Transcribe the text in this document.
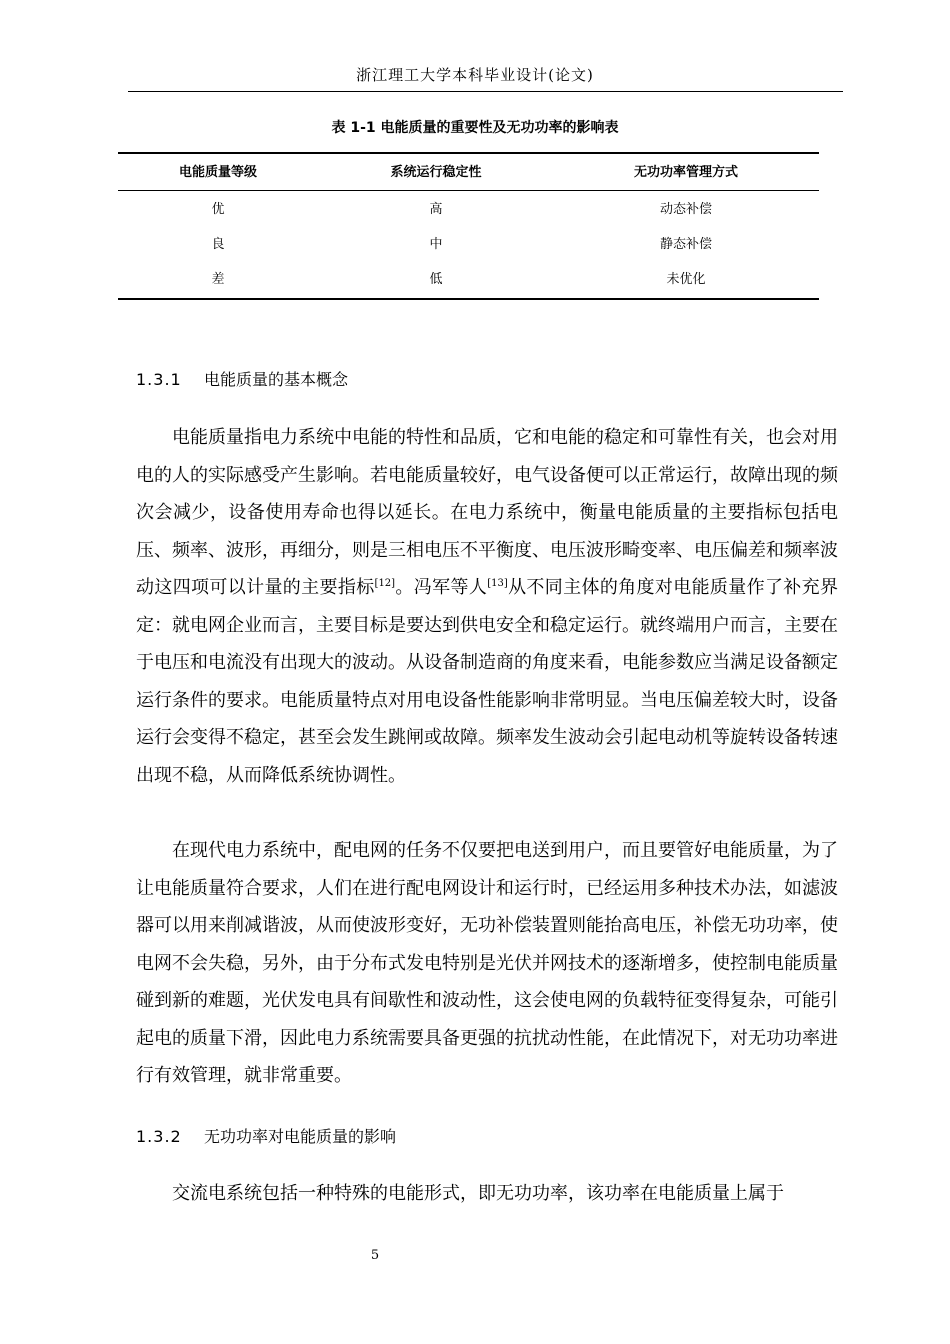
浙江理工大学本科毕业设计(论文)
表 1-1 电能质量的重要性及无功功率的影响表
电能质量等级	系统运行稳定性	无功功率管理方式
优	高	动态补偿
良	中	静态补偿
差	低	未优化
1.3.1 电能质量的基本概念

电能质量指电力系统中电能的特性和品质，它和电能的稳定和可靠性有关，也会对用电的人的实际感受产生影响。若电能质量较好，电气设备便可以正常运行，故障出现的频次会减少，设备使用寿命也得以延长。在电力系统中，衡量电能质量的主要指标包括电压、频率、波形，再细分，则是三相电压不平衡度、电压波形畸变率、电压偏差和频率波动这四项可以计量的主要指标[12]。冯军等人[13]从不同主体的角度对电能质量作了补充界定：就电网企业而言，主要目标是要达到供电安全和稳定运行。就终端用户而言，主要在于电压和电流没有出现大的波动。从设备制造商的角度来看，电能参数应当满足设备额定运行条件的要求。电能质量特点对用电设备性能影响非常明显。当电压偏差较大时，设备运行会变得不稳定，甚至会发生跳闸或故障。频率发生波动会引起电动机等旋转设备转速出现不稳，从而降低系统协调性。

在现代电力系统中，配电网的任务不仅要把电送到用户，而且要管好电能质量，为了让电能质量符合要求，人们在进行配电网设计和运行时，已经运用多种技术办法，如滤波器可以用来削减谐波，从而使波形变好，无功补偿装置则能抬高电压，补偿无功功率，使电网不会失稳，另外，由于分布式发电特别是光伏并网技术的逐渐增多，使控制电能质量碰到新的难题，光伏发电具有间歇性和波动性，这会使电网的负载特征变得复杂，可能引起电的质量下滑，因此电力系统需要具备更强的抗扰动性能，在此情况下，对无功功率进行有效管理，就非常重要。

1.3.2 无功功率对电能质量的影响

交流电系统包括一种特殊的电能形式，即无功功率，该功率在电能质量上属于

5
